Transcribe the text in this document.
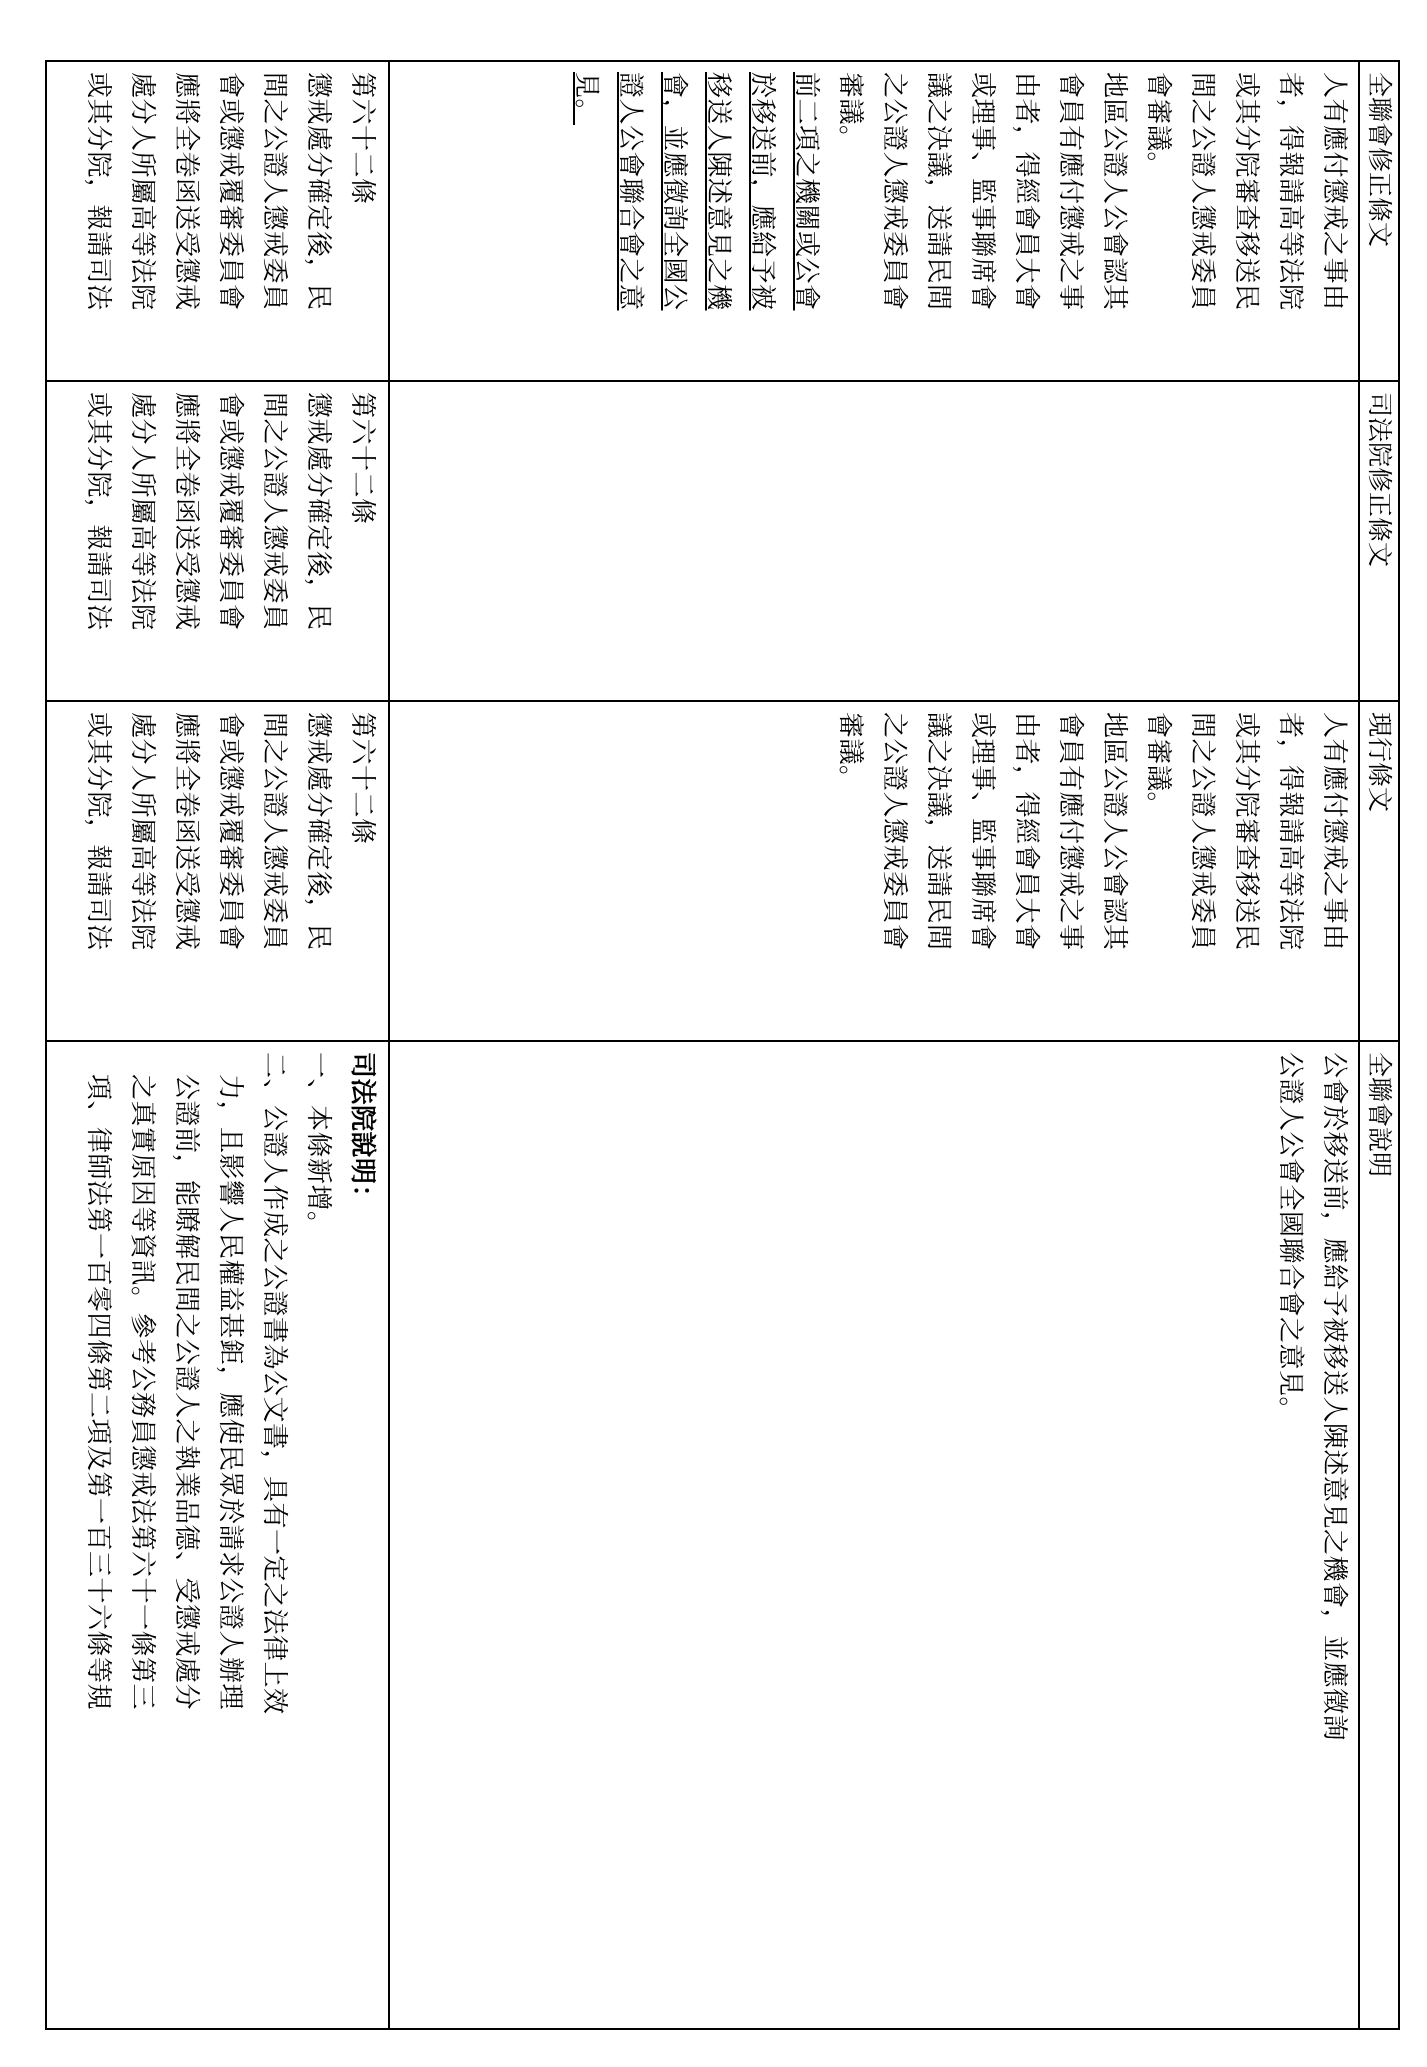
全聯會修正條文
司法院修正條文
現行條文
全聯會說明
人有應付懲戒之事由
者，得報請高等法院
或其分院審查移送民
間之公證人懲戒委員
會審議。
地區公證人公會認其
會員有應付懲戒之事
由者，得經會員大會
或理事、監事聯席會
議之決議，送請民間
之公證人懲戒委員會
審議。
前二項之機關或公會
於移送前，應給予被
移送人陳述意見之機
會，並應徵詢全國公
證人公會聯合會之意
見。
人有應付懲戒之事由
者，得報請高等法院
或其分院審查移送民
間之公證人懲戒委員
會審議。
地區公證人公會認其
會員有應付懲戒之事
由者，得經會員大會
或理事、監事聯席會
議之決議，送請民間
之公證人懲戒委員會
審議。
公會於移送前，應給予被移送人陳述意見之機會，並應徵詢
公證人公會全國聯合會之意見。
第六十二條
懲戒處分確定後，民
間之公證人懲戒委員
會或懲戒覆審委員會
應將全卷函送受懲戒
處分人所屬高等法院
或其分院，報請司法
第六十二條
懲戒處分確定後，民
間之公證人懲戒委員
會或懲戒覆審委員會
應將全卷函送受懲戒
處分人所屬高等法院
或其分院，報請司法
第六十二條
懲戒處分確定後，民
間之公證人懲戒委員
會或懲戒覆審委員會
應將全卷函送受懲戒
處分人所屬高等法院
或其分院，報請司法
司法院說明：
一、本條新增。
二、公證人作成之公證書為公文書，具有一定之法律上效
力，且影響人民權益甚鉅，應使民眾於請求公證人辦理
公證前，能瞭解民間之公證人之執業品德、受懲戒處分
之真實原因等資訊。參考公務員懲戒法第六十一條第三
項、律師法第一百零四條第二項及第一百三十六條等規
